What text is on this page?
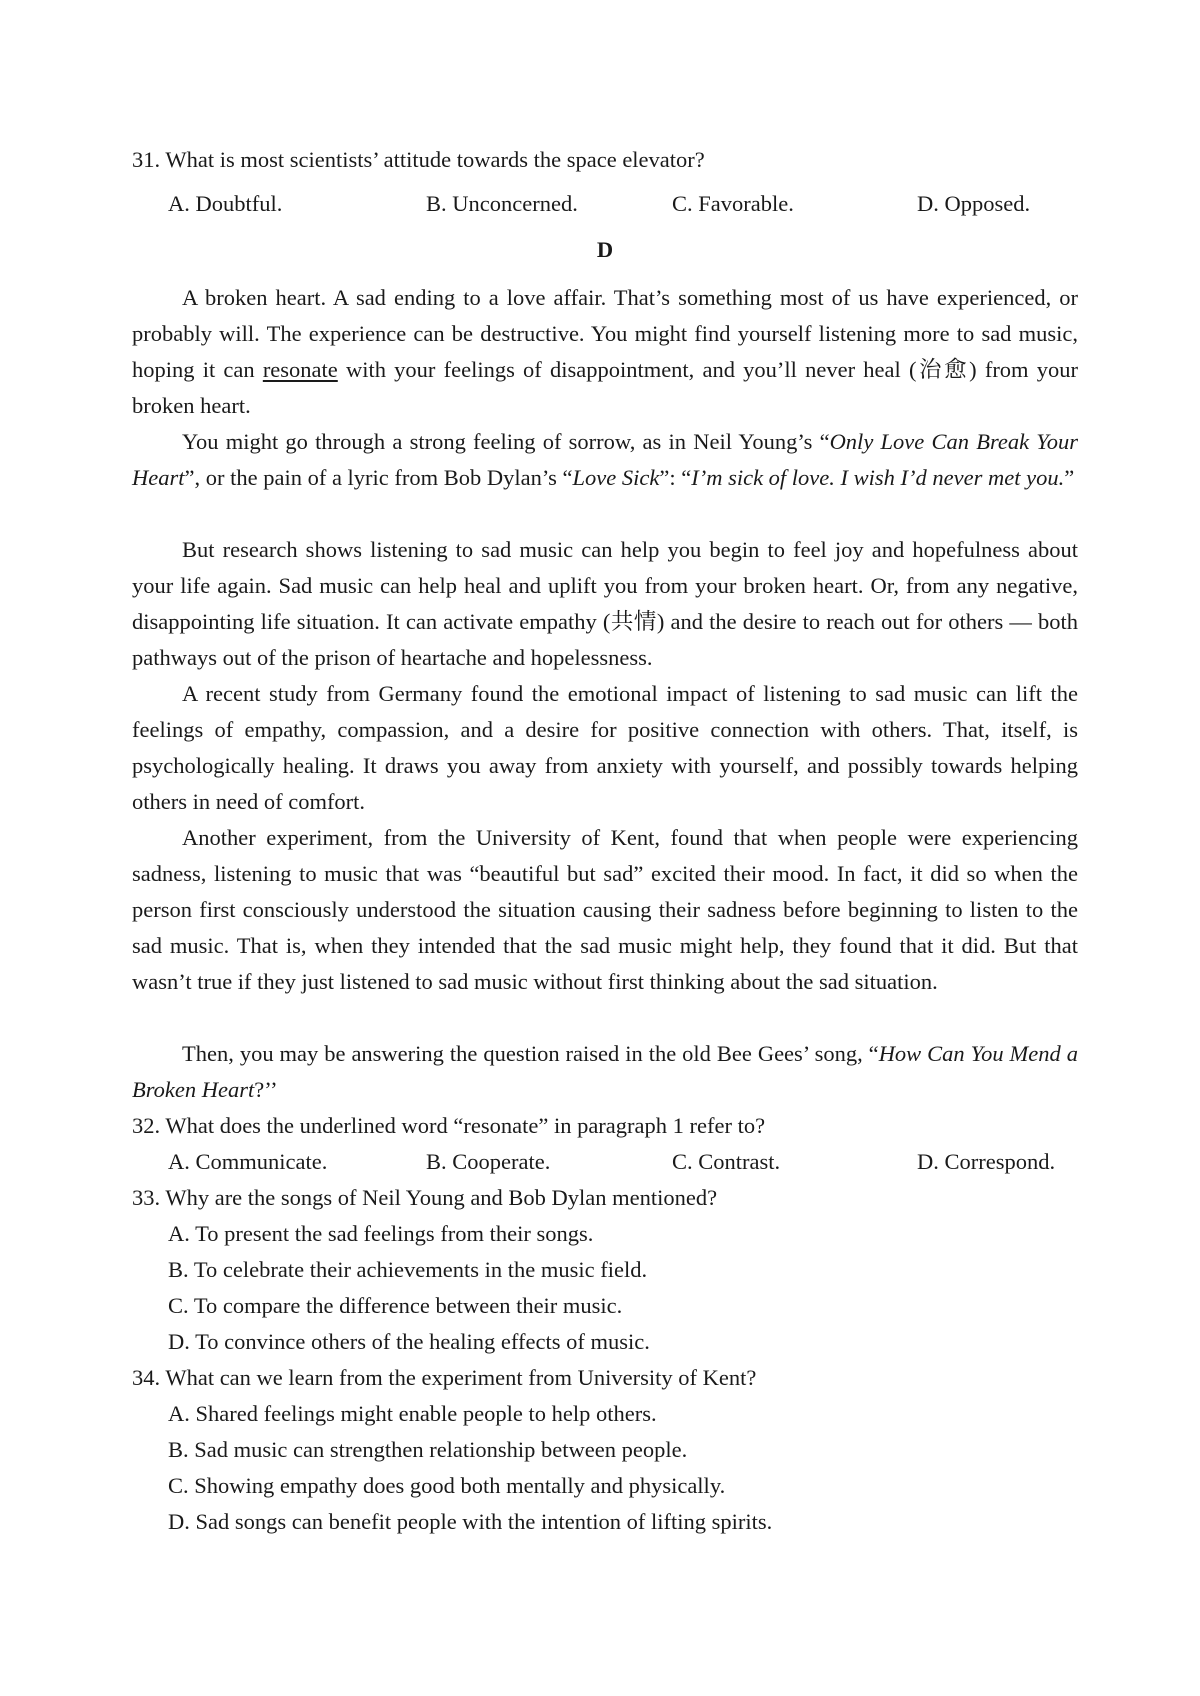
31. What is most scientists’ attitude towards the space elevator?
A. Doubtful.	B. Unconcerned.	C. Favorable.	D. Opposed.
D
A broken heart. A sad ending to a love affair. That’s something most of us have experienced, or probably will. The experience can be destructive. You might find yourself listening more to sad music, hoping it can resonate with your feelings of disappointment, and you’ll never heal (治愈) from your broken heart.
You might go through a strong feeling of sorrow, as in Neil Young’s “Only Love Can Break Your Heart”, or the pain of a lyric from Bob Dylan’s “Love Sick”: “I’m sick of love. I wish I’d never met you.”
But research shows listening to sad music can help you begin to feel joy and hopefulness about your life again. Sad music can help heal and uplift you from your broken heart. Or, from any negative, disappointing life situation. It can activate empathy (共情) and the desire to reach out for others — both pathways out of the prison of heartache and hopelessness.
A recent study from Germany found the emotional impact of listening to sad music can lift the feelings of empathy, compassion, and a desire for positive connection with others. That, itself, is psychologically healing. It draws you away from anxiety with yourself, and possibly towards helping others in need of comfort.
Another experiment, from the University of Kent, found that when people were experiencing sadness, listening to music that was “beautiful but sad” excited their mood. In fact, it did so when the person first consciously understood the situation causing their sadness before beginning to listen to the sad music. That is, when they intended that the sad music might help, they found that it did. But that wasn’t true if they just listened to sad music without first thinking about the sad situation.
Then, you may be answering the question raised in the old Bee Gees’ song, “How Can You Mend a Broken Heart?’’
32. What does the underlined word “resonate” in paragraph 1 refer to?
A. Communicate.	B. Cooperate.	C. Contrast.	D. Correspond.
33. Why are the songs of Neil Young and Bob Dylan mentioned?
A. To present the sad feelings from their songs.
B. To celebrate their achievements in the music field.
C. To compare the difference between their music.
D. To convince others of the healing effects of music.
34. What can we learn from the experiment from University of Kent?
A. Shared feelings might enable people to help others.
B. Sad music can strengthen relationship between people.
C. Showing empathy does good both mentally and physically.
D. Sad songs can benefit people with the intention of lifting spirits.
